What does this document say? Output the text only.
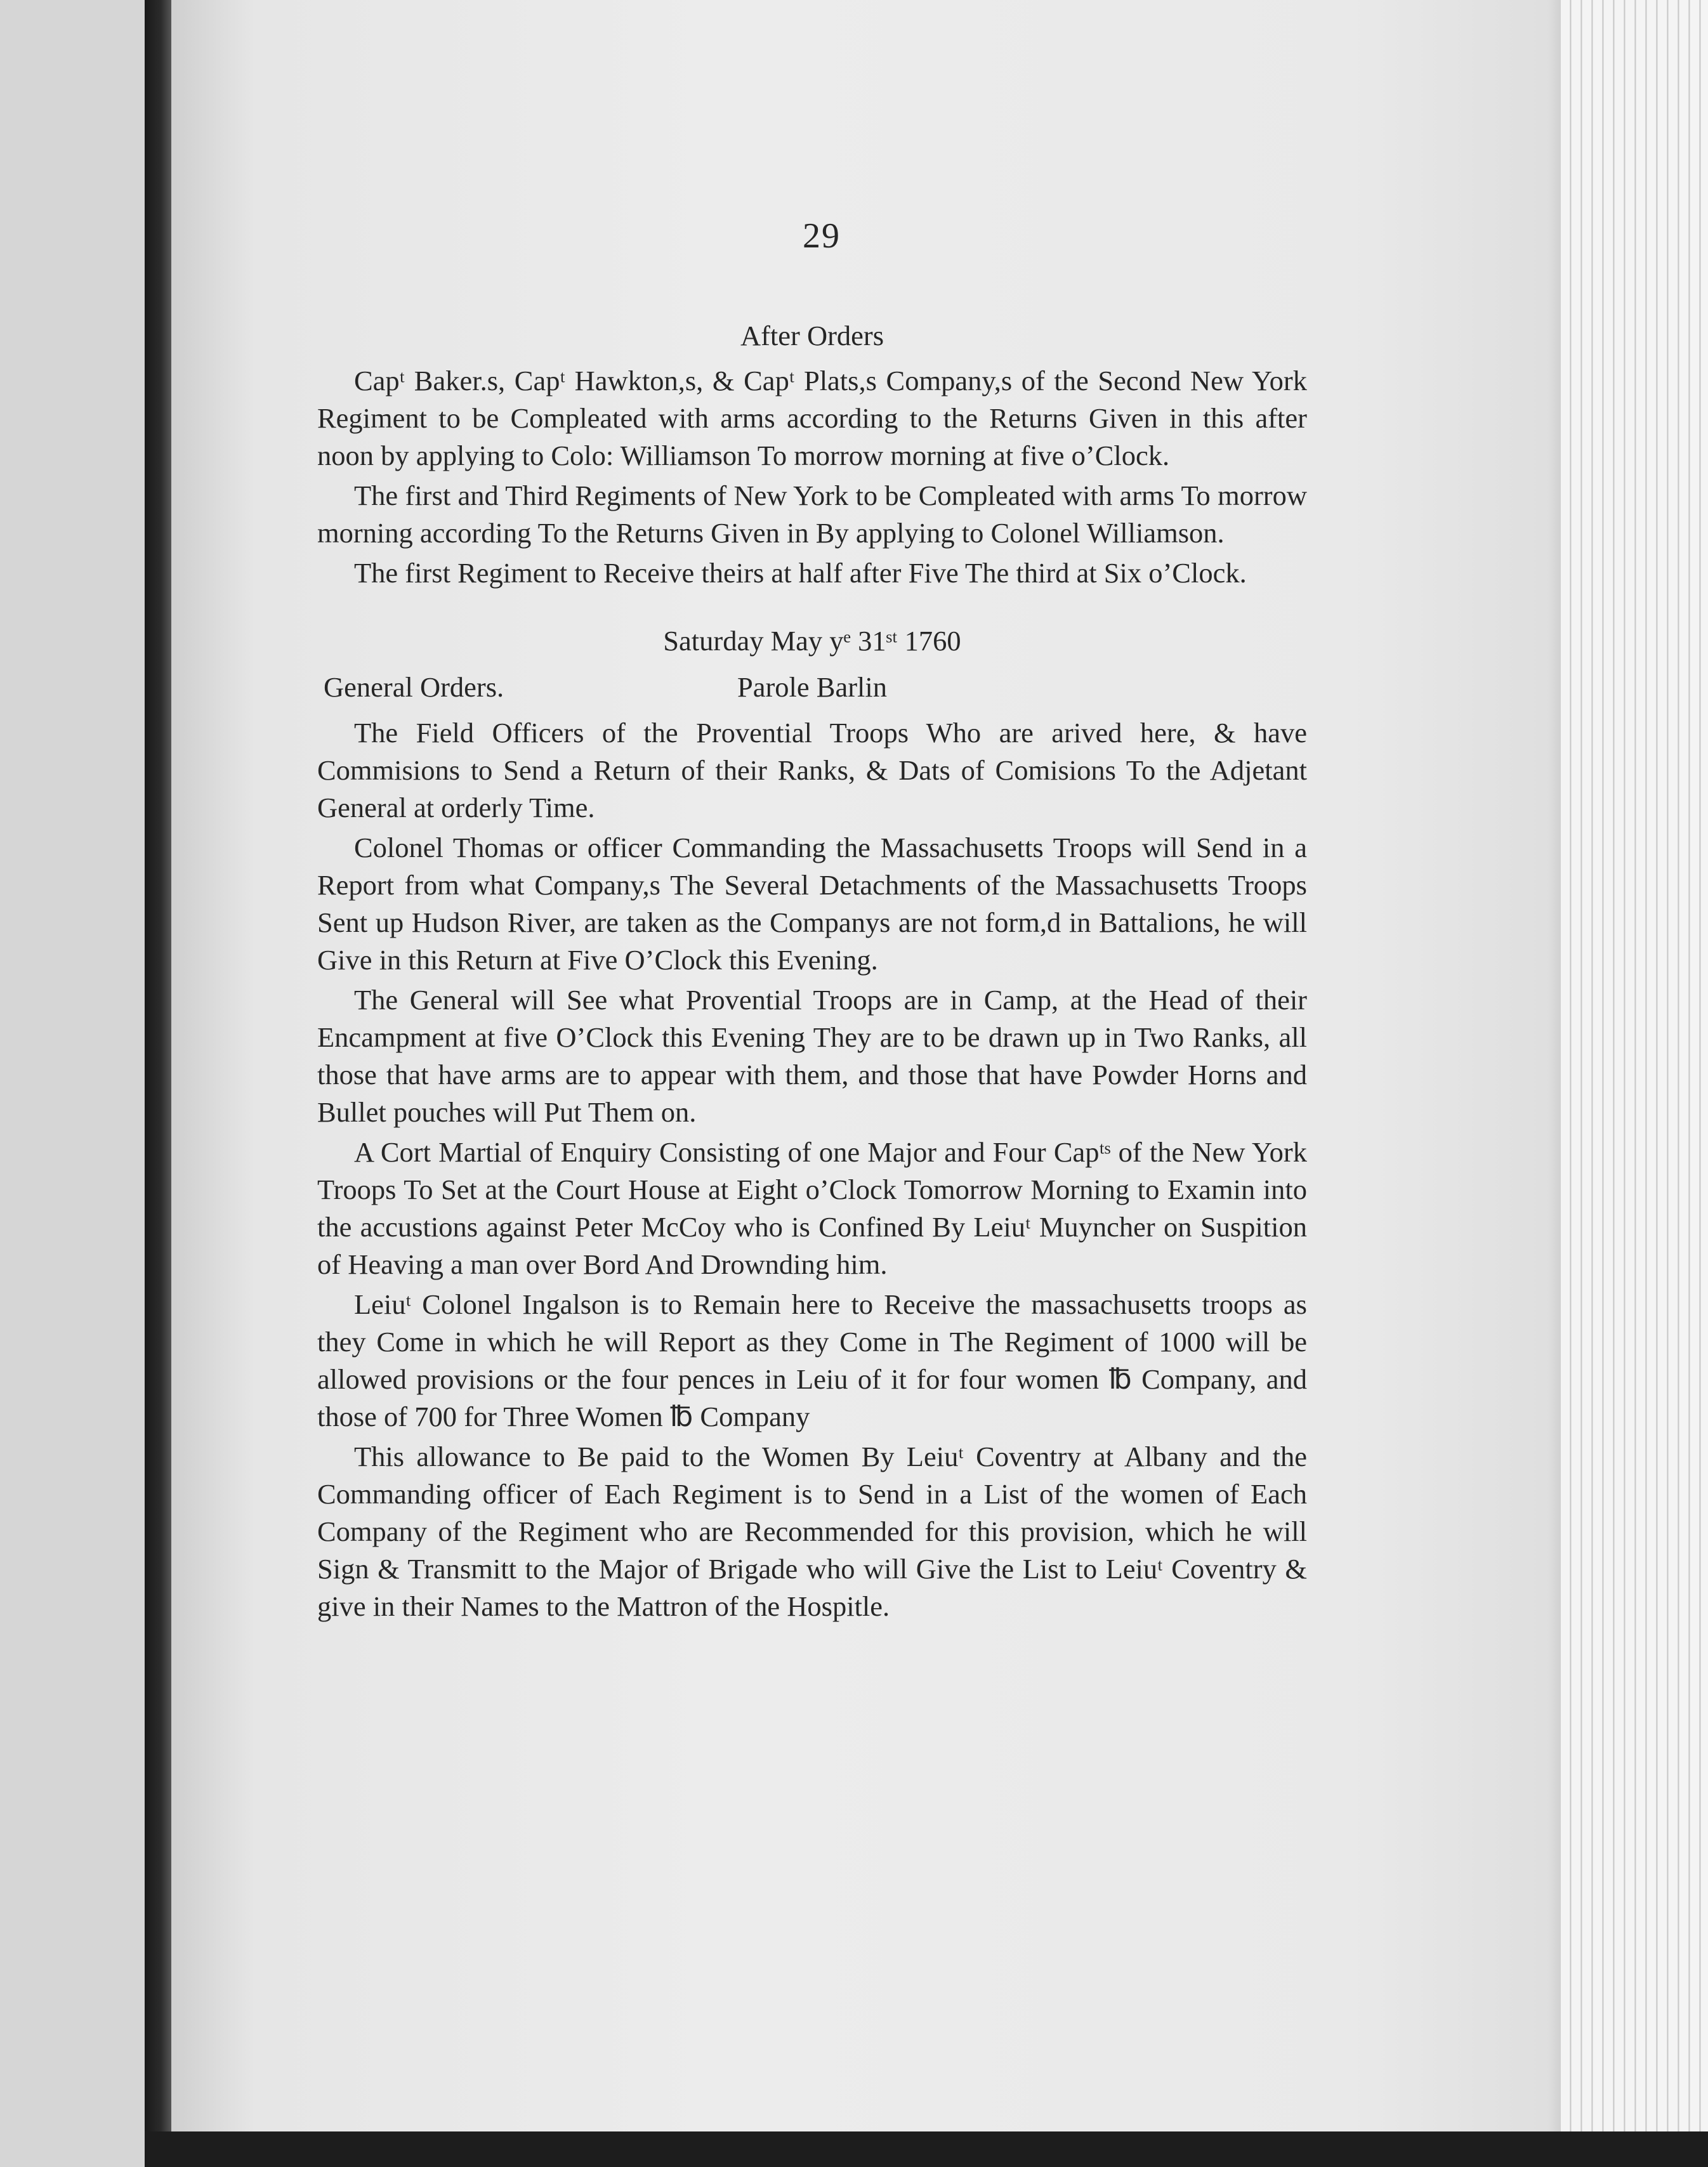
29
After Orders

Capᵗ Baker.s, Capᵗ Hawkton,s, & Capᵗ Plats,s Company,s of the Second New York Regiment to be Compleated with arms according to the Returns Given in this after noon by applying to Colo: Williamson To morrow morning at five o’Clock.

The first and Third Regiments of New York to be Compleated with arms To morrow morning according To the Returns Given in By applying to Colonel Williamson.

The first Regiment to Receive theirs at half after Five The third at Six o’Clock.

Saturday May yᵉ 31ˢᵗ 1760
General Orders.	Parole Barlin

The Field Officers of the Provential Troops Who are arived here, & have Commisions to Send a Return of their Ranks, & Dats of Comisions To the Adjetant General at orderly Time.

Colonel Thomas or officer Commanding the Massachusetts Troops will Send in a Report from what Company,s The Several Detachments of the Massachusetts Troops Sent up Hudson River, are taken as the Companys are not form,d in Battalions, he will Give in this Return at Five O’Clock this Evening.

The General will See what Provential Troops are in Camp, at the Head of their Encampment at five O’Clock this Evening They are to be drawn up in Two Ranks, all those that have arms are to appear with them, and those that have Powder Horns and Bullet pouches will Put Them on.

A Cort Martial of Enquiry Consisting of one Major and Four Capᵗˢ of the New York Troops To Set at the Court House at Eight o’Clock Tomorrow Morning to Examin into the accustions against Peter McCoy who is Confined By Leiuᵗ Muyncher on Suspition of Heaving a man over Bord And Drownding him.

Leiuᵗ Colonel Ingalson is to Remain here to Receive the massachusetts troops as they Come in which he will Report as they Come in The Regiment of 1000 will be allowed provisions or the four pences in Leiu of it for four women ℔ Company, and those of 700 for Three Women ℔ Company

This allowance to Be paid to the Women By Leiuᵗ Coventry at Albany and the Commanding officer of Each Regiment is to Send in a List of the women of Each Company of the Regiment who are Recommended for this provision, which he will Sign & Transmitt to the Major of Brigade who will Give the List to Leiuᵗ Coventry & give in their Names to the Mattron of the Hospitle.
